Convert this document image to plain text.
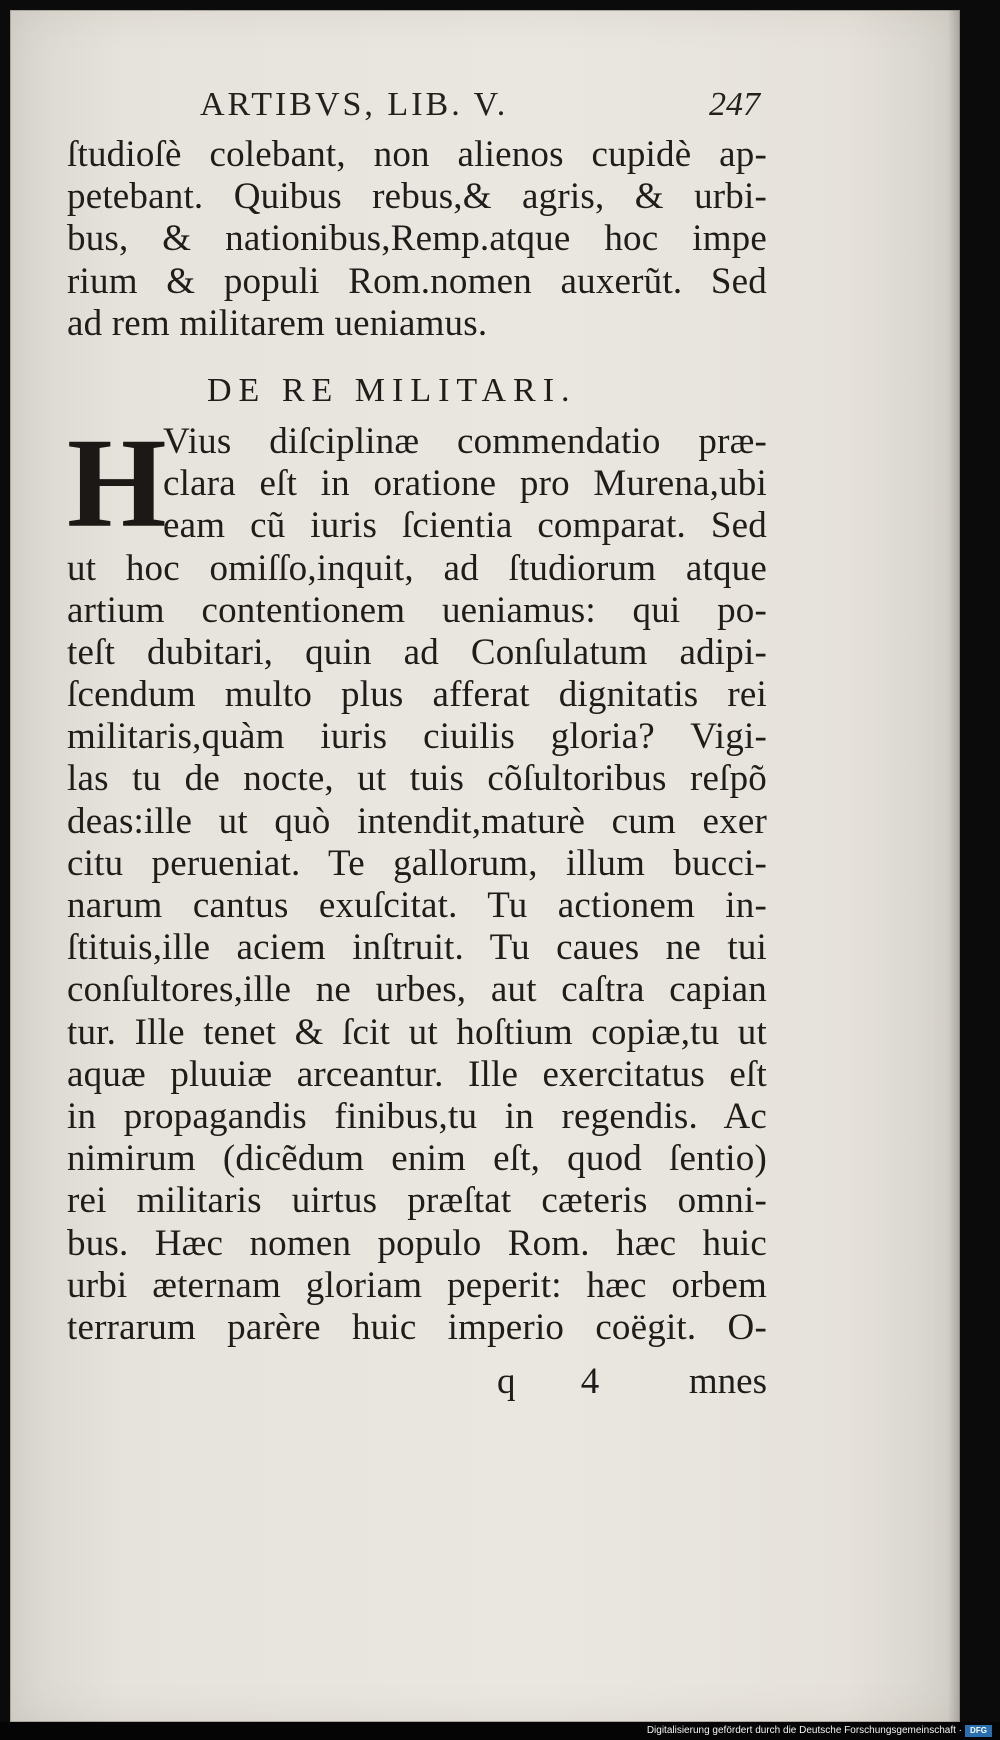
ARTIBVS, LIB. V.	247
ſtudioſè colebant, non alienos cupidè ap-
petebant. Quibus rebus,& agris, & urbi-
bus, & nationibus,Remp.atque hoc impe
rium & populi Rom.nomen auxerũt. Sed
ad rem militarem ueniamus.
DE RE MILITARI.
H
Vius diſciplinæ commendatio præ-
clara eſt in oratione pro Murena,ubi
eam cũ iuris ſcientia comparat. Sed
ut hoc omiſſo,inquit, ad ſtudiorum atque
artium contentionem ueniamus: qui po-
teſt dubitari, quin ad Conſulatum adipi-
ſcendum multo plus afferat dignitatis rei
militaris,quàm iuris ciuilis gloria? Vigi-
las tu de nocte, ut tuis cõſultoribus reſpõ
deas:ille ut quò intendit,maturè cum exer
citu perueniat. Te gallorum, illum bucci-
narum cantus exuſcitat. Tu actionem in-
ſtituis,ille aciem inſtruit. Tu caues ne tui
conſultores,ille ne urbes, aut caſtra capian
tur. Ille tenet & ſcit ut hoſtium copiæ,tu ut
aquæ pluuiæ arceantur. Ille exercitatus eſt
in propagandis finibus,tu in regendis. Ac
nimirum (dicẽdum enim eſt, quod ſentio)
rei militaris uirtus præſtat cæteris omni-
bus. Hæc nomen populo Rom. hæc huic
urbi æternam gloriam peperit: hæc orbem
terrarum parère huic imperio coëgit. O-
q 4 mnes
Digitalisierung gefördert durch die Deutsche Forschungsgemeinschaft ·	DFG
